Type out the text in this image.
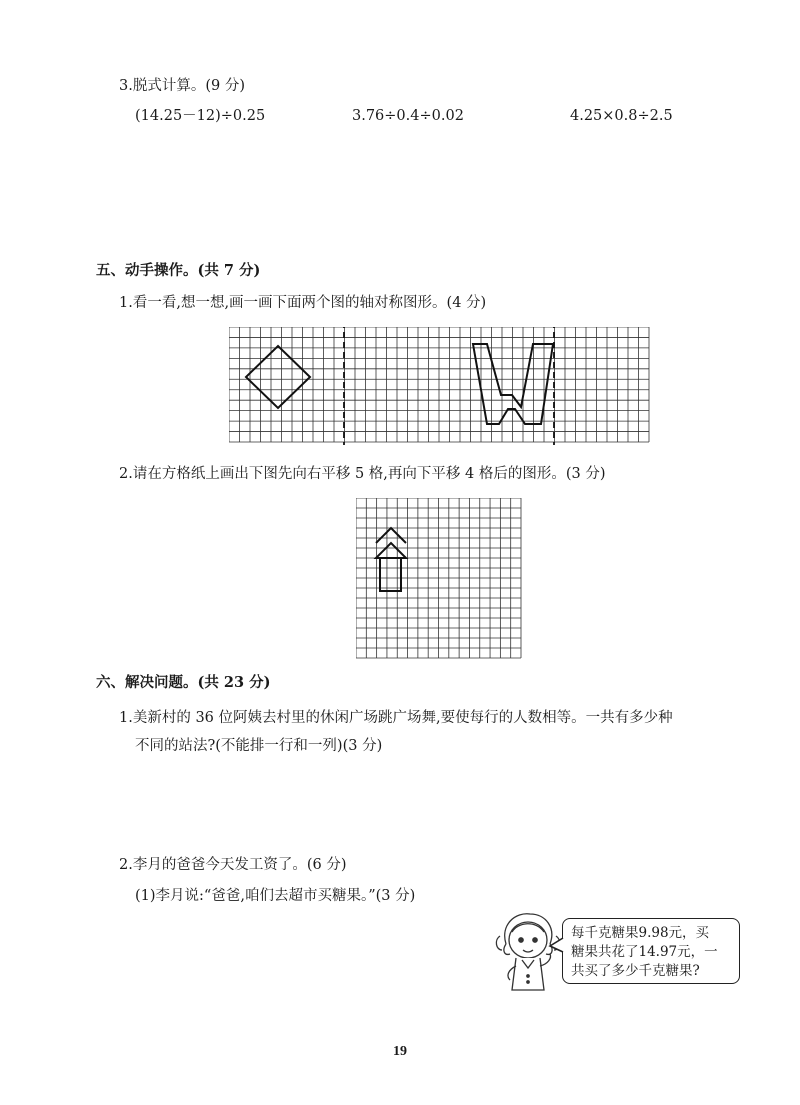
3.脱式计算。(9 分)
(14.25－12)÷0.25	3.76÷0.4÷0.02	4.25×0.8÷2.5
五、动手操作。(共 7 分)
1.看一看,想一想,画一画下面两个图的轴对称图形。(4 分)
2.请在方格纸上画出下图先向右平移 5 格,再向下平移 4 格后的图形。(3 分)
六、解决问题。(共 23 分)
1.美新村的 36 位阿姨去村里的休闲广场跳广场舞,要使每行的人数相等。一共有多少种
不同的站法?(不能排一行和一列)(3 分)
2.李月的爸爸今天发工资了。(6 分)
(1)李月说:“爸爸,咱们去超市买糖果。”(3 分)
每千克糖果9.98元，买
糖果共花了14.97元，一
共买了多少千克糖果?
19
